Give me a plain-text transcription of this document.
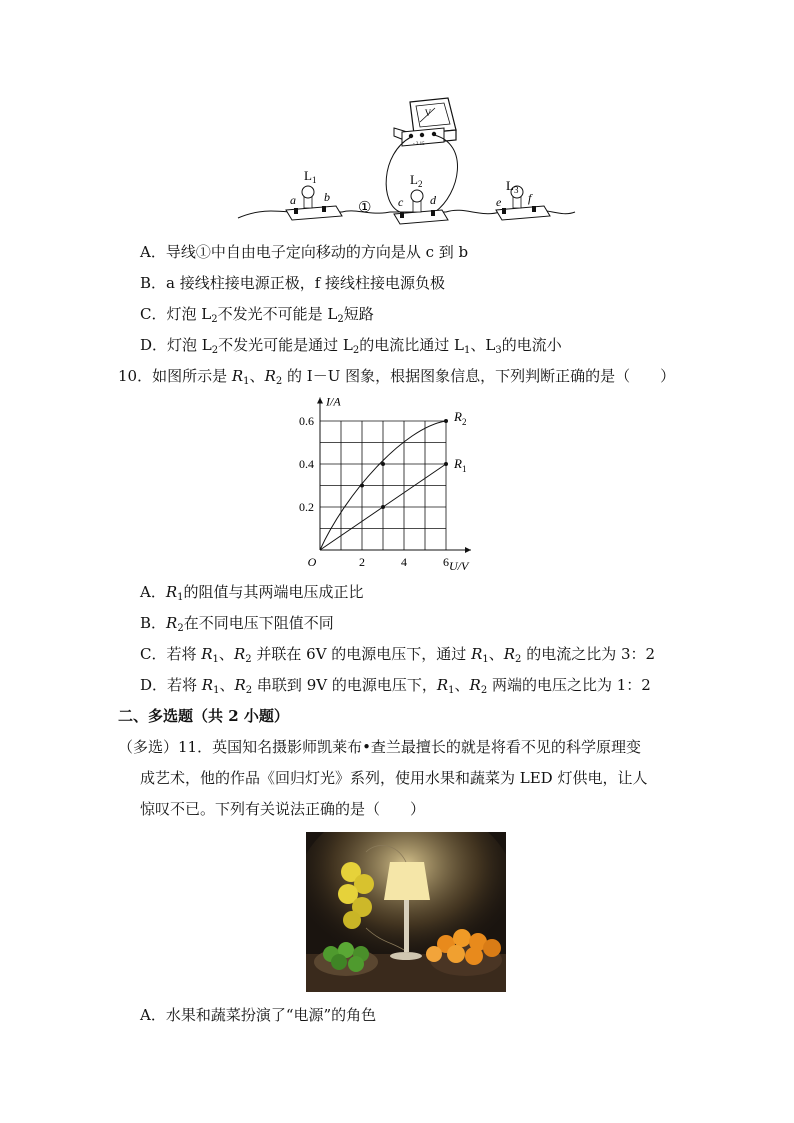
V
- 3 15
$L_1$
a b
①
$L_2$
c d
$L_3$
e f
A．导线①中自由电子定向移动的方向是从 c 到 b
B．a 接线柱接电源正极，f 接线柱接电源负极
C．灯泡 $L_2$不发光不可能是 $L_2$短路
D．灯泡 $L_2$不发光可能是通过 $L_2$的电流比通过 $L_1$、$L_3$的电流小
10．如图所示是 $R_1$、$R_2$ 的 I－U 图象，根据图象信息，下列判断正确的是（　　）
I/A
U/V
O	2	4	6
0.2
0.4
0.6
$R_1$
$R_2$
A．$R_1$的阻值与其两端电压成正比
B．$R_2$在不同电压下阻值不同
C．若将 $R_1$、$R_2$ 并联在 6V 的电源电压下，通过 $R_1$、$R_2$ 的电流之比为 3：2
D．若将 $R_1$、$R_2$ 串联到 9V 的电源电压下，$R_1$、$R_2$ 两端的电压之比为 1：2
二、多选题（共 2 小题）
（多选）11．英国知名摄影师凯莱布•查兰最擅长的就是将看不见的科学原理变
成艺术，他的作品《回归灯光》系列，使用水果和蔬菜为 LED 灯供电，让人
惊叹不已。下列有关说法正确的是（　　）
A．水果和蔬菜扮演了“电源”的角色
